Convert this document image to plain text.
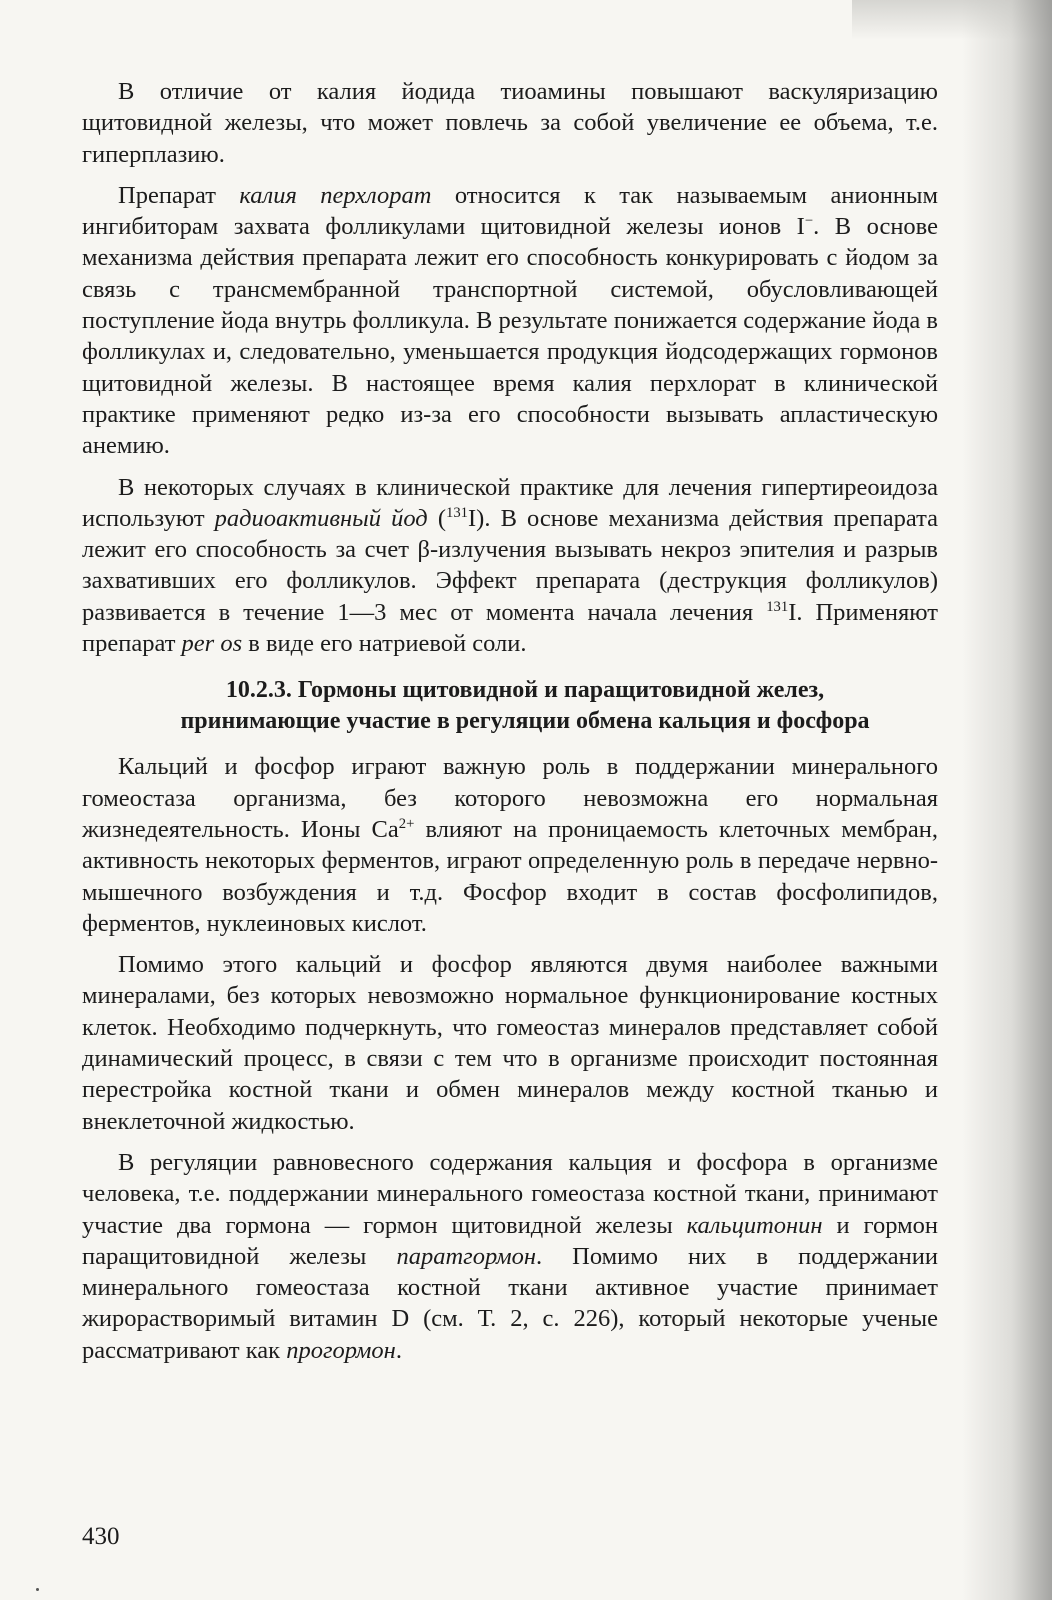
В отличие от калия йодида тиоамины повышают васкуляризацию щитовидной железы, что может повлечь за собой увеличение ее объема, т.е. гиперплазию.

Препарат калия перхлорат относится к так называемым анионным ингибиторам захвата фолликулами щитовидной железы ионов I−. В основе механизма действия препарата лежит его способность конкурировать с йодом за связь с трансмембранной транспортной системой, обусловливающей поступление йода внутрь фолликула. В результате понижается содержание йода в фолликулах и, следовательно, уменьшается продукция йодсодержащих гормонов щитовидной железы. В настоящее время калия перхлорат в клинической практике применяют редко из-за его способности вызывать апластическую анемию.

В некоторых случаях в клинической практике для лечения гипертиреоидоза используют радиоактивный йод ($^{131}$I). В основе механизма действия препарата лежит его способность за счет β-излучения вызывать некроз эпителия и разрыв захвативших его фолликулов. Эффект препарата (деструкция фолликулов) развивается в течение 1—3 мес от момента начала лечения $^{131}$I. Применяют препарат per os в виде его натриевой соли.

10.2.3. Гормоны щитовидной и паращитовидной желез,
принимающие участие в регуляции обмена кальция и фосфора

Кальций и фосфор играют важную роль в поддержании минерального гомеостаза организма, без которого невозможна его нормальная жизнедеятельность. Ионы $Ca^{2+}$ влияют на проницаемость клеточных мембран, активность некоторых ферментов, играют определенную роль в передаче нервно-мышечного возбуждения и т.д. Фосфор входит в состав фосфолипидов, ферментов, нуклеиновых кислот.

Помимо этого кальций и фосфор являются двумя наиболее важными минералами, без которых невозможно нормальное функционирование костных клеток. Необходимо подчеркнуть, что гомеостаз минералов представляет собой динамический процесс, в связи с тем что в организме происходит постоянная перестройка костной ткани и обмен минералов между костной тканью и внеклеточной жидкостью.

В регуляции равновесного содержания кальция и фосфора в организме человека, т.е. поддержании минерального гомеостаза костной ткани, принимают участие два гормона — гормон щитовидной железы кальцитонин и гормон паращитовидной железы паратгормон. Помимо них в поддержании минерального гомеостаза костной ткани активное участие принимает жирорастворимый витамин D (см. Т. 2, с. 226), который некоторые ученые рассматривают как прогормон.

430
